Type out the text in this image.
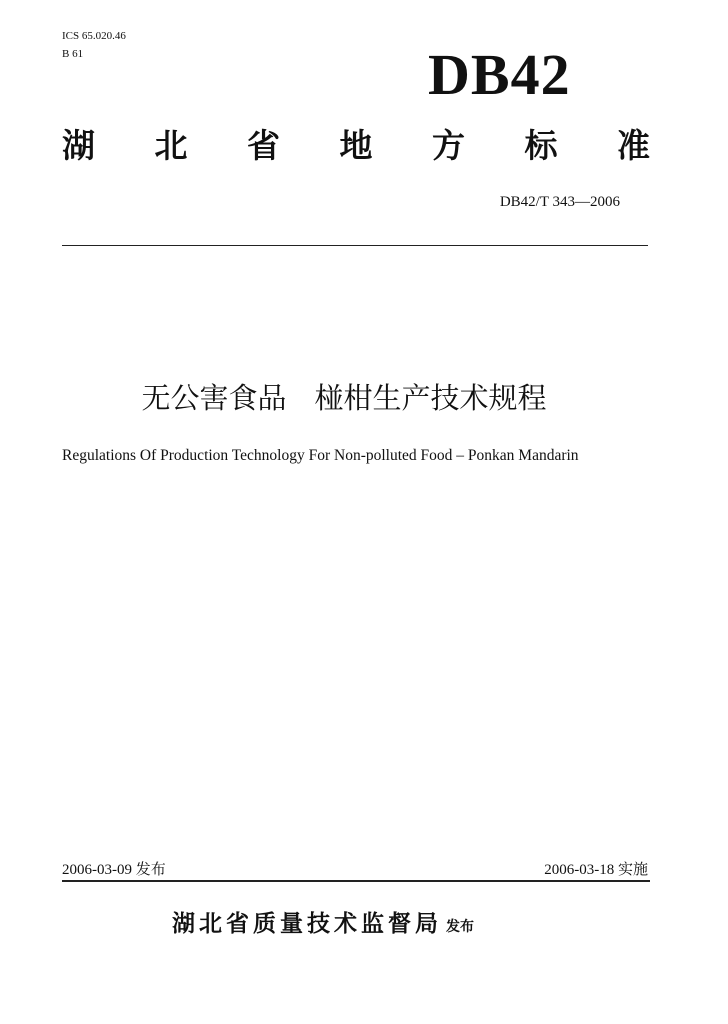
ICS 65.020.46
B 61	DB42
湖 北 省 地 方 标 准
DB42/T 343—2006
无公害食品 椪柑生产技术规程
Regulations Of Production Technology For Non-polluted Food – Ponkan Mandarin
2006-03-09 发布	2006-03-18 实施
湖北省质量技术监督局 发布
